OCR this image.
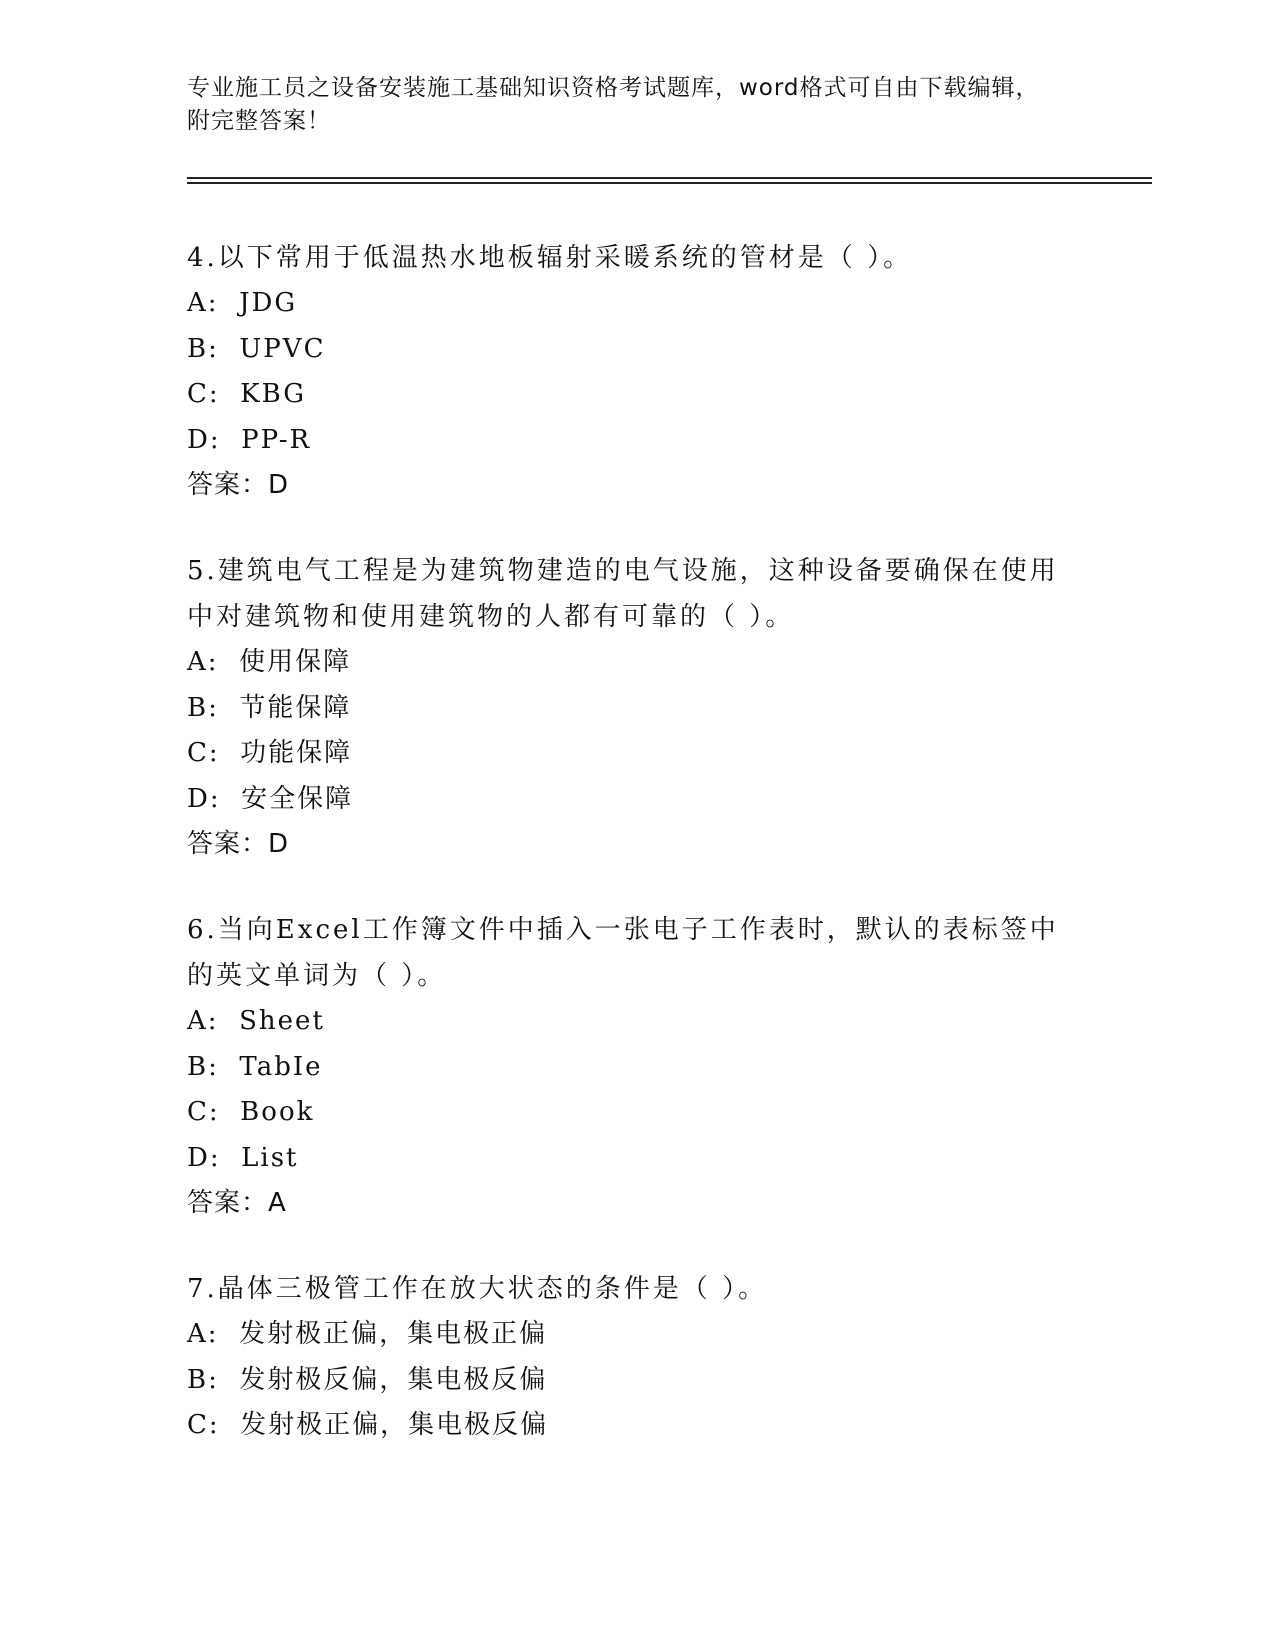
专业施工员之设备安装施工基础知识资格考试题库，word格式可自由下载编辑，
附完整答案！
4.以下常用于低温热水地板辐射采暖系统的管材是（ ）。
A:  JDG
B:  UPVC
C:  KBG
D:  PP-R
答案：D
5.建筑电气工程是为建筑物建造的电气设施，这种设备要确保在使用
中对建筑物和使用建筑物的人都有可靠的（ ）。
A:  使用保障
B:  节能保障
C:  功能保障
D:  安全保障
答案：D
6.当向Excel工作簿文件中插入一张电子工作表时，默认的表标签中
的英文单词为（ ）。
A:  Sheet
B:  TabIe
C:  Book
D:  List
答案：A
7.晶体三极管工作在放大状态的条件是（ ）。
A:  发射极正偏，集电极正偏
B:  发射极反偏，集电极反偏
C:  发射极正偏，集电极反偏
